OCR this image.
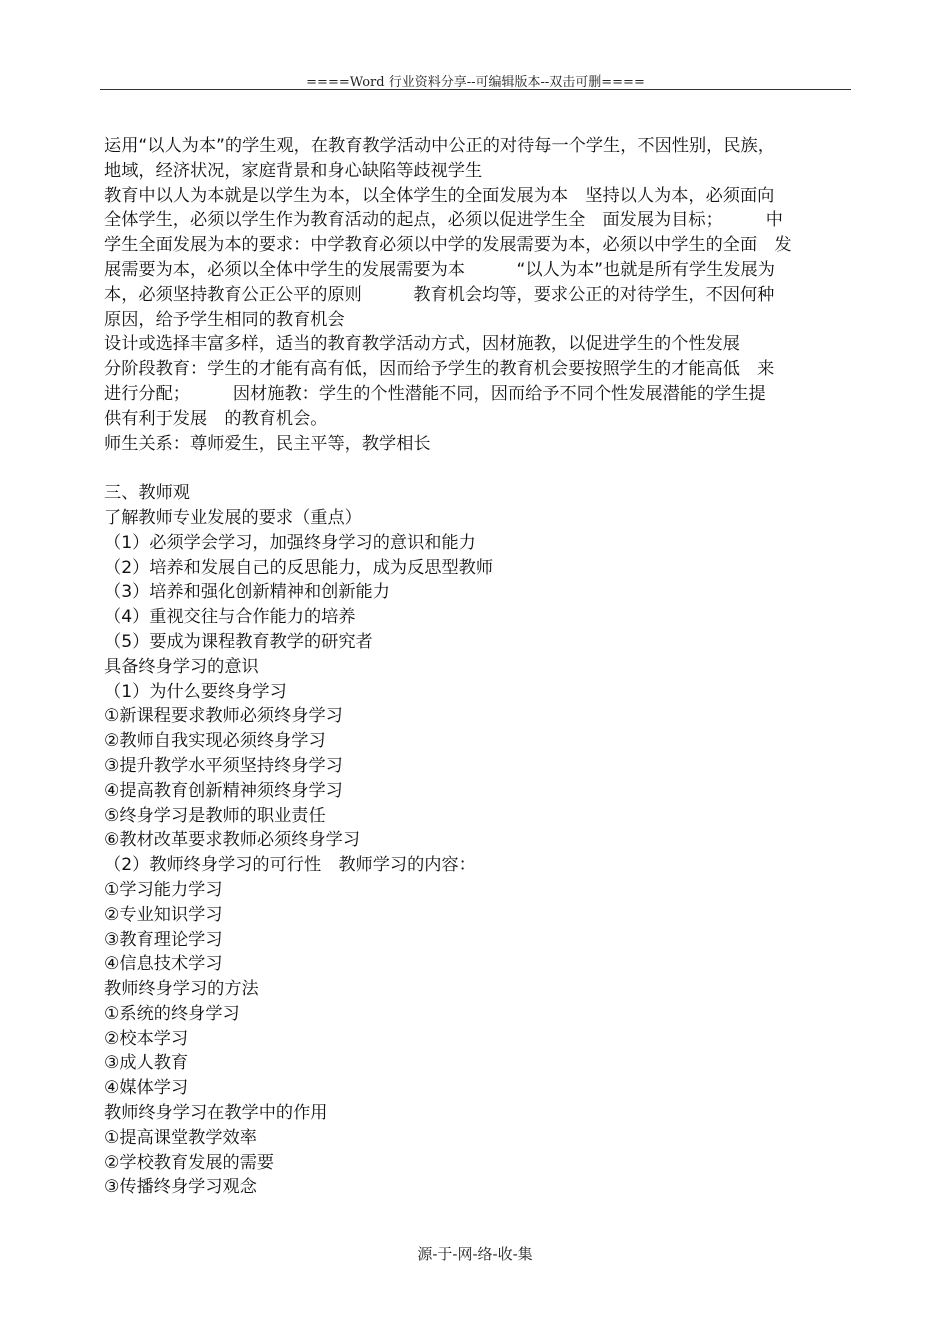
====Word 行业资料分享--可编辑版本--双击可删====
运用“以人为本”的学生观，在教育教学活动中公正的对待每一个学生，不因性别，民族，
地域，经济状况，家庭背景和身心缺陷等歧视学生
教育中以人为本就是以学生为本，以全体学生的全面发展为本　坚持以人为本，必须面向
全体学生，必须以学生作为教育活动的起点，必须以促进学生全　面发展为目标；　　　中
学生全面发展为本的要求：中学教育必须以中学的发展需要为本，必须以中学生的全面　发
展需要为本，必须以全体中学生的发展需要为本　　　“以人为本”也就是所有学生发展为
本，必须坚持教育公正公平的原则　　　教育机会均等，要求公正的对待学生，不因何种
原因，给予学生相同的教育机会
设计或选择丰富多样，适当的教育教学活动方式，因材施教，以促进学生的个性发展
分阶段教育：学生的才能有高有低，因而给予学生的教育机会要按照学生的才能高低　来
进行分配；　　　因材施教：学生的个性潜能不同，因而给予不同个性发展潜能的学生提
供有利于发展　的教育机会。
师生关系：尊师爱生，民主平等，教学相长
三、教师观
了解教师专业发展的要求（重点）
（1）必须学会学习，加强终身学习的意识和能力
（2）培养和发展自己的反思能力，成为反思型教师
（3）培养和强化创新精神和创新能力
（4）重视交往与合作能力的培养
（5）要成为课程教育教学的研究者
具备终身学习的意识
（1）为什么要终身学习
①新课程要求教师必须终身学习
②教师自我实现必须终身学习
③提升教学水平须坚持终身学习
④提高教育创新精神须终身学习
⑤终身学习是教师的职业责任
⑥教材改革要求教师必须终身学习
（2）教师终身学习的可行性　教师学习的内容：
①学习能力学习
②专业知识学习
③教育理论学习
④信息技术学习
教师终身学习的方法
①系统的终身学习
②校本学习
③成人教育
④媒体学习
教师终身学习在教学中的作用
①提高课堂教学效率
②学校教育发展的需要
③传播终身学习观念
源-于-网-络-收-集
